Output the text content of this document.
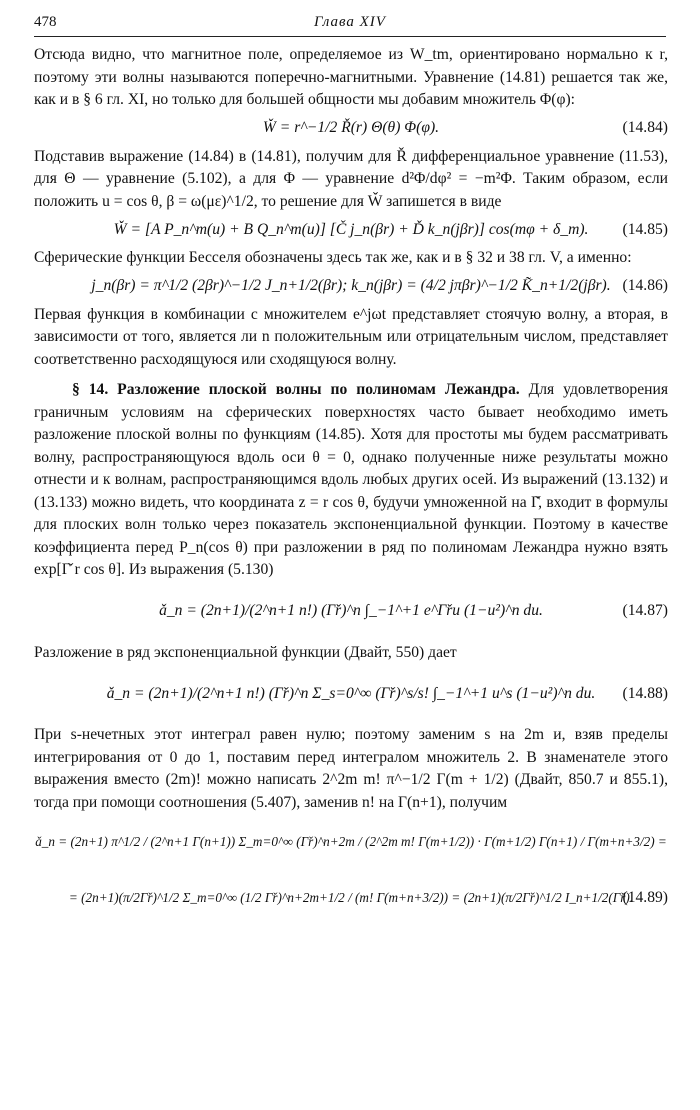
478	Глава XIV

Отсюда видно, что магнитное поле, определяемое из W_tm, ориентировано нормально к r, поэтому эти волны называются поперечно-магнитными. Уравнение (14.81) решается так же, как и в § 6 гл. XI, но только для большей общности мы добавим множитель Φ(φ):

W̌ = r^−1/2 Ř(r) Θ(θ) Φ(φ).	(14.84)

Подставив выражение (14.84) в (14.81), получим для Ř дифференциальное уравнение (11.53), для Θ — уравнение (5.102), а для Φ — уравнение d²Φ/dφ² = −m²Φ. Таким образом, если положить u = cos θ, β = ω(με)^1/2, то решение для W̌ запишется в виде

W̌ = [A P_n^m(u) + B Q_n^m(u)] [Č j_n(βr) + Ď k_n(jβr)] cos(mφ + δ_m). (14.85)

Сферические функции Бесселя обозначены здесь так же, как и в § 32 и 38 гл. V, а именно:

j_n(βr) = π^1/2 (2βr)^−1/2 J_n+1/2(βr); k_n(jβr) = (4/2 jπβr)^−1/2 K̃_n+1/2(jβr). (14.86)

Первая функция в комбинации с множителем e^jωt представляет стоячую волну, а вторая, в зависимости от того, является ли n положительным или отрицательным числом, представляет соответственно расходящуюся или сходящуюся волну.

§ 14. Разложение плоской волны по полиномам Лежандра. Для удовлетворения граничным условиям на сферических поверхностях часто бывает необходимо иметь разложение плоской волны по функциям (14.85). Хотя для простоты мы будем рассматривать волну, распространяющуюся вдоль оси θ = 0, однако полученные ниже результаты можно отнести и к волнам, распространяющимся вдоль любых других осей. Из выражений (13.132) и (13.133) можно видеть, что координата z = r cos θ, будучи умноженной на Γ̌, входит в формулы для плоских волн только через показатель экспоненциальной функции. Поэтому в качестве коэффициента перед P_n(cos θ) при разложении в ряд по полиномам Лежандра нужно взять exp[Γ̌ r cos θ]. Из выражения (5.130)

ǎ_n = (2n+1)/(2^n+1 n!) (Γ̌r)^n ∫_−1^+1 e^Γ̌ru (1−u²)^n du.	(14.87)

Разложение в ряд экспоненциальной функции (Двайт, 550) дает

ǎ_n = (2n+1)/(2^n+1 n!) (Γ̌r)^n Σ_s=0^∞ (Γ̌r)^s/s! ∫_−1^+1 u^s (1−u²)^n du. (14.88)

При s-нечетных этот интеграл равен нулю; поэтому заменим s на 2m и, взяв пределы интегрирования от 0 до 1, поставим перед интегралом множитель 2. В знаменателе этого выражения вместо (2m)! можно написать 2^2m m! π^−1/2 Γ(m + 1/2) (Двайт, 850.7 и 855.1), тогда при помощи соотношения (5.407), заменив n! на Γ(n+1), получим

ǎ_n = (2n+1) π^1/2 / (2^n+1 Γ(n+1)) Σ_m=0^∞ (Γ̌r)^n+2m / (2^2m m! Γ(m+1/2)) · Γ(m+1/2) Γ(n+1) / Γ(m+n+3/2) =
= (2n+1)(π/2Γ̌r)^1/2 Σ_m=0^∞ (1/2 Γ̌r)^n+2m+1/2 / (m! Γ(m+n+3/2)) = (2n+1)(π/2Γ̌r)^1/2 I_n+1/2(Γ̌r).
(14.89)
